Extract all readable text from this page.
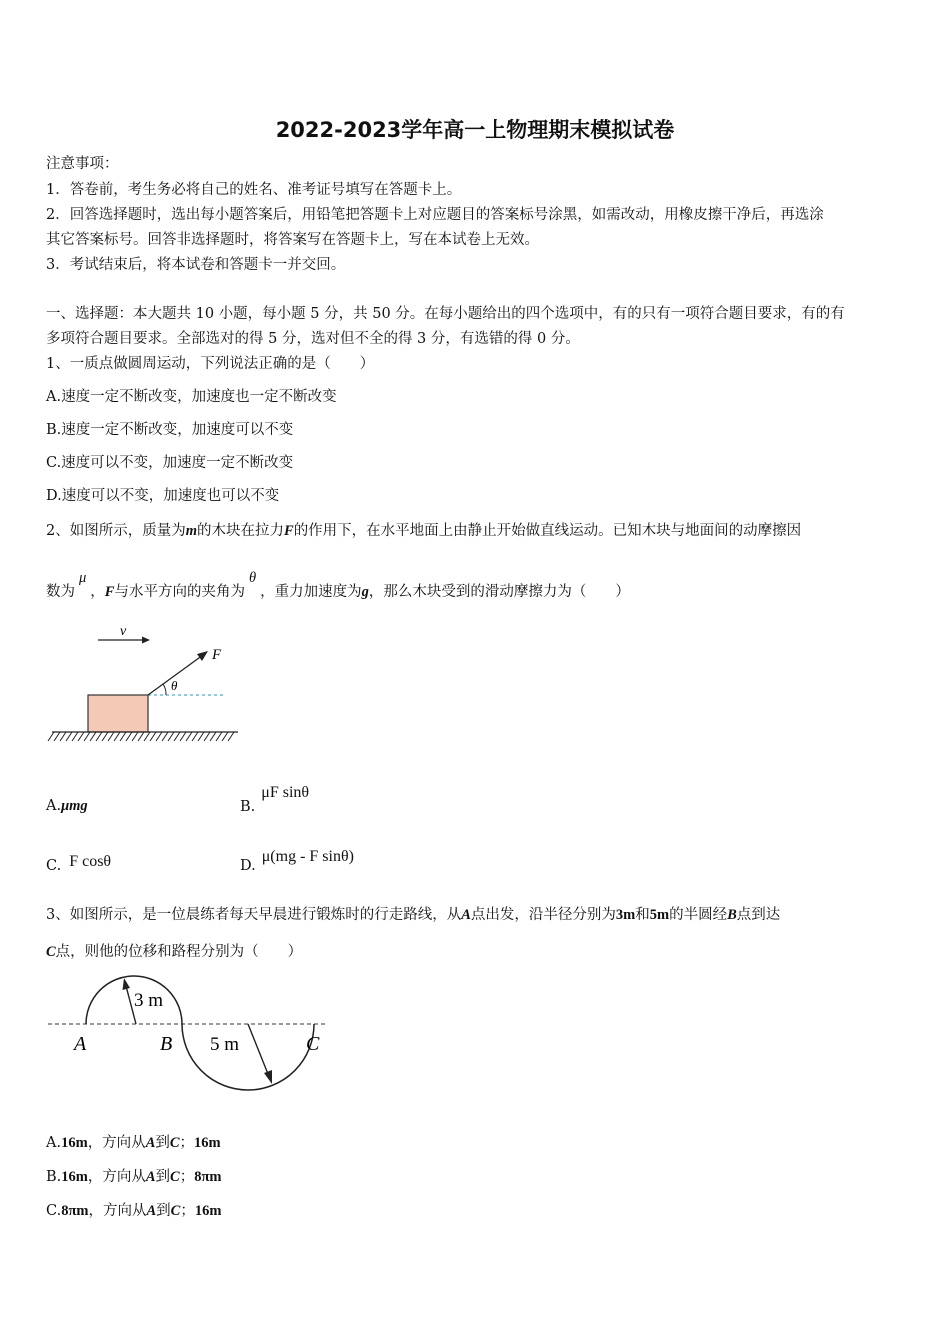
2022-2023学年高一上物理期末模拟试卷
注意事项：
1．答卷前，考生务必将自己的姓名、准考证号填写在答题卡上。
2．回答选择题时，选出每小题答案后，用铅笔把答题卡上对应题目的答案标号涂黑，如需改动，用橡皮擦干净后，再选涂
其它答案标号。回答非选择题时，将答案写在答题卡上，写在本试卷上无效。
3．考试结束后，将本试卷和答题卡一并交回。
一、选择题：本大题共 10 小题，每小题 5 分，共 50 分。在每小题给出的四个选项中，有的只有一项符合题目要求，有的有
多项符合题目要求。全部选对的得 5 分，选对但不全的得 3 分，有选错的得 0 分。
1、一质点做圆周运动，下列说法正确的是（　　）
A.速度一定不断改变，加速度也一定不断改变
B.速度一定不断改变，加速度可以不变
C.速度可以不变，加速度一定不断改变
D.速度可以不变，加速度也可以不变
2、如图所示，质量为m的木块在拉力F的作用下，在水平地面上由静止开始做直线运动。已知木块与地面间的动摩擦因
数为μ，F与水平方向的夹角为θ，重力加速度为g，那么木块受到的滑动摩擦力为（　　）
v
F
θ
A.μmg	B.μF sinθ
C. F cosθ	D.μ(mg - F sinθ)
3、如图所示，是一位晨练者每天早晨进行锻炼时的行走路线，从A点出发，沿半径分别为3m和5m的半圆经B点到达
C点，则他的位移和路程分别为（　　）
3 m
5 m
A	B	C
A.16m，方向从A到C；16m
B.16m，方向从A到C；8πm
C.8πm，方向从A到C；16m
